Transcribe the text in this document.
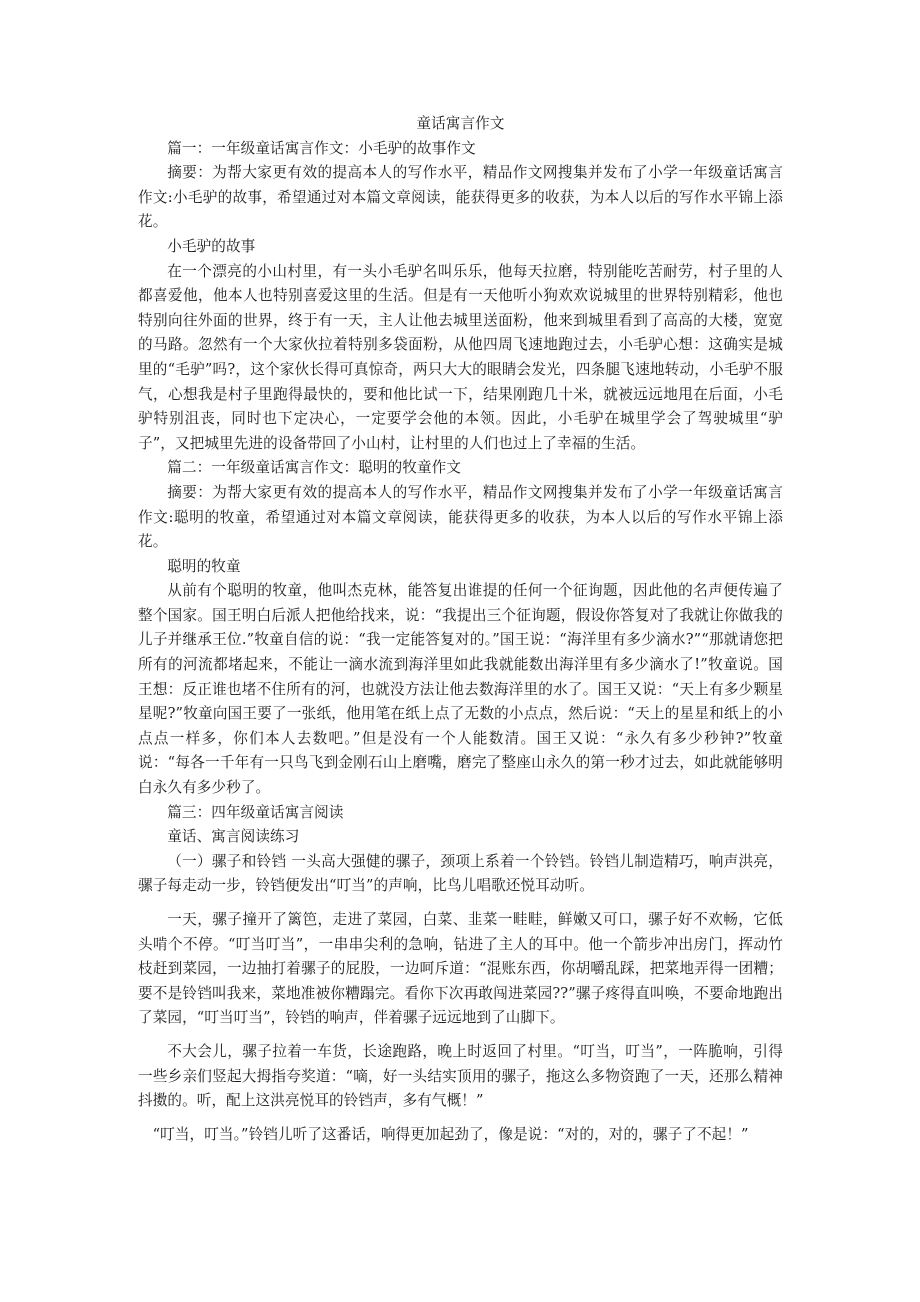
童话寓言作文

篇一：一年级童话寓言作文：小毛驴的故事作文

摘要：为帮大家更有效的提高本人的写作水平，精品作文网搜集并发布了小学一年级童话寓言作文:小毛驴的故事，希望通过对本篇文章阅读，能获得更多的收获，为本人以后的写作水平锦上添花。

小毛驴的故事

在一个漂亮的小山村里，有一头小毛驴名叫乐乐，他每天拉磨，特别能吃苦耐劳，村子里的人都喜爱他，他本人也特别喜爱这里的生活。但是有一天他听小狗欢欢说城里的世界特别精彩，他也特别向往外面的世界，终于有一天，主人让他去城里送面粉，他来到城里看到了高高的大楼，宽宽的马路。忽然有一个大家伙拉着特别多袋面粉，从他四周飞速地跑过去，小毛驴心想：这确实是城里的“毛驴”吗?，这个家伙长得可真惊奇，两只大大的眼睛会发光，四条腿飞速地转动，小毛驴不服气，心想我是村子里跑得最快的，要和他比试一下，结果刚跑几十米，就被远远地甩在后面，小毛驴特别沮丧，同时也下定决心，一定要学会他的本领。因此，小毛驴在城里学会了驾驶城里“驴子”，又把城里先进的设备带回了小山村，让村里的人们也过上了幸福的生活。

篇二：一年级童话寓言作文：聪明的牧童作文

摘要：为帮大家更有效的提高本人的写作水平，精品作文网搜集并发布了小学一年级童话寓言作文:聪明的牧童，希望通过对本篇文章阅读，能获得更多的收获，为本人以后的写作水平锦上添花。

聪明的牧童

从前有个聪明的牧童，他叫杰克林，能答复出谁提的任何一个征询题，因此他的名声便传遍了整个国家。国王明白后派人把他给找来，说：“我提出三个征询题，假设你答复对了我就让你做我的儿子并继承王位.”牧童自信的说：“我一定能答复对的。”国王说：“海洋里有多少滴水?”“那就请您把所有的河流都堵起来，不能让一滴水流到海洋里如此我就能数出海洋里有多少滴水了!”牧童说。国王想：反正谁也堵不住所有的河，也就没方法让他去数海洋里的水了。国王又说：“天上有多少颗星星呢?”牧童向国王要了一张纸，他用笔在纸上点了无数的小点点，然后说：“天上的星星和纸上的小点点一样多，你们本人去数吧。”但是没有一个人能数清。国王又说：“永久有多少秒钟?”牧童说：“每各一千年有一只鸟飞到金刚石山上磨嘴，磨完了整座山永久的第一秒才过去，如此就能够明白永久有多少秒了。

篇三：四年级童话寓言阅读

童话、寓言阅读练习

（一）骡子和铃铛 一头高大强健的骡子，颈项上系着一个铃铛。铃铛儿制造精巧，响声洪亮，骡子每走动一步，铃铛便发出“叮当”的声响，比鸟儿唱歌还悦耳动听。

一天，骡子撞开了篱笆，走进了菜园，白菜、韭菜一畦畦，鲜嫩又可口，骡子好不欢畅，它低头啃个不停。“叮当叮当”，一串串尖利的急响，钻进了主人的耳中。他一个箭步冲出房门，挥动竹枝赶到菜园，一边抽打着骡子的屁股，一边呵斥道：“混账东西，你胡嚼乱踩，把菜地弄得一团糟；要不是铃铛叫我来，菜地准被你糟蹋完。看你下次再敢闯进菜园??”骡子疼得直叫唤，不要命地跑出了菜园，“叮当叮当”，铃铛的响声，伴着骡子远远地到了山脚下。

不大会儿，骡子拉着一车货，长途跑路，晚上时返回了村里。“叮当，叮当”，一阵脆响，引得一些乡亲们竖起大拇指夸奖道：“嘀，好一头结实顶用的骡子，拖这么多物资跑了一天，还那么精神抖擞的。听，配上这洪亮悦耳的铃铛声，多有气概！”

“叮当，叮当。”铃铛儿听了这番话，响得更加起劲了，像是说：“对的，对的，骡子了不起！”
